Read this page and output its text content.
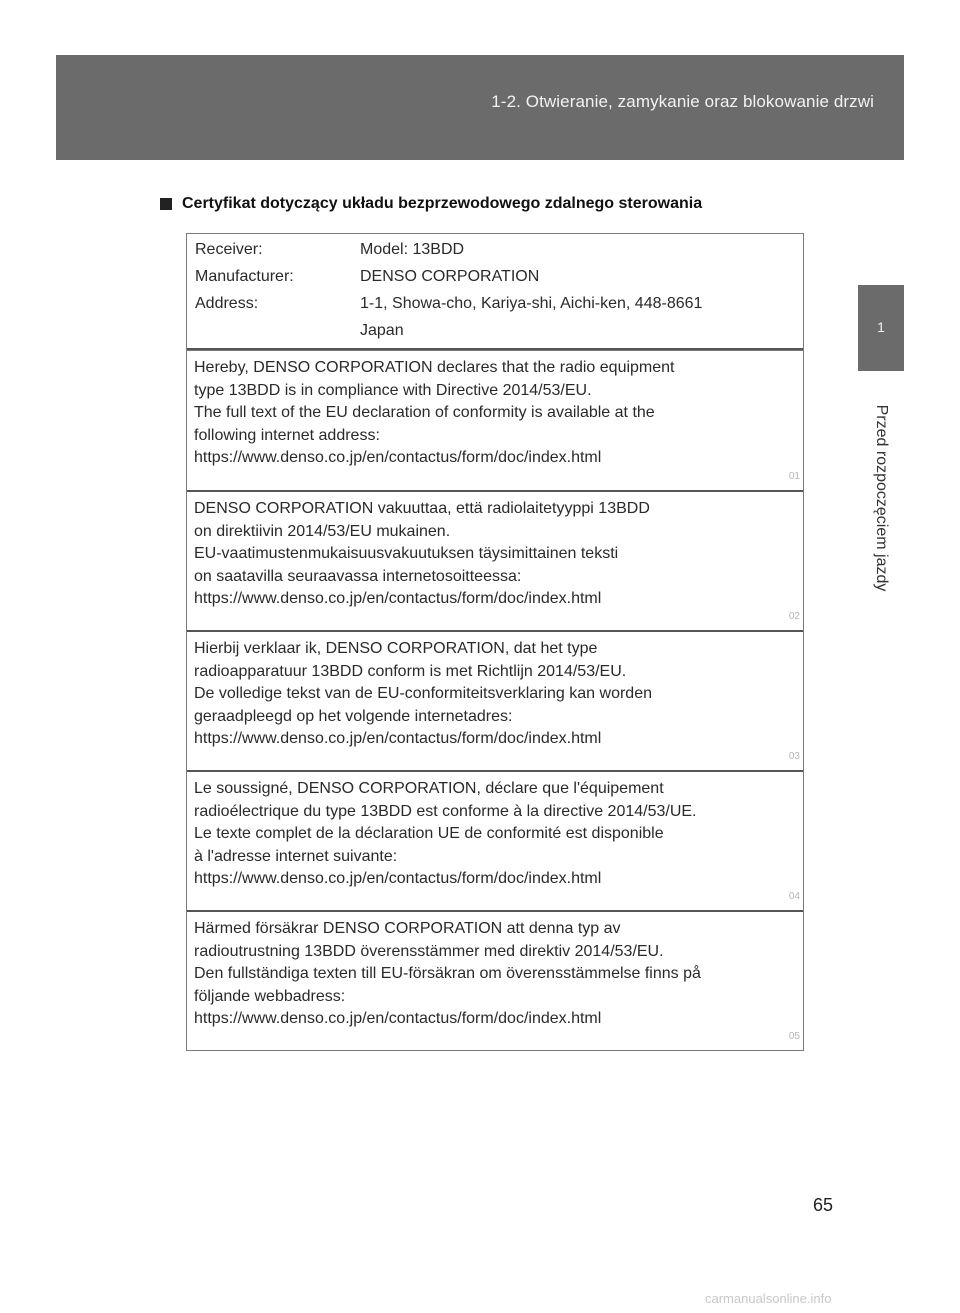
1-2. Otwieranie, zamykanie oraz blokowanie drzwi
1
Przed rozpoczęciem jazdy
Certyfikat dotyczący układu bezprzewodowego zdalnego sterowania
Receiver:	Model: 13BDD
Manufacturer:	DENSO CORPORATION
Address:	1-1, Showa-cho, Kariya-shi, Aichi-ken, 448-8661
Japan

Hereby, DENSO CORPORATION declares that the radio equipment

type 13BDD is in compliance with Directive 2014/53/EU.

The full text of the EU declaration of conformity is available at the

following internet address:

https://www.denso.co.jp/en/contactus/form/doc/index.html

01

DENSO CORPORATION vakuuttaa, että radiolaitetyyppi 13BDD

on direktiivin 2014/53/EU mukainen.

EU-vaatimustenmukaisuusvakuutuksen täysimittainen teksti

on saatavilla seuraavassa internetosoitteessa:

https://www.denso.co.jp/en/contactus/form/doc/index.html

02

Hierbij verklaar ik, DENSO CORPORATION, dat het type

radioapparatuur 13BDD conform is met Richtlijn 2014/53/EU.

De volledige tekst van de EU-conformiteitsverklaring kan worden

geraadpleegd op het volgende internetadres:

https://www.denso.co.jp/en/contactus/form/doc/index.html

03

Le soussigné, DENSO CORPORATION, déclare que l'équipement

radioélectrique du type 13BDD est conforme à la directive 2014/53/UE.

Le texte complet de la déclaration UE de conformité est disponible

à l'adresse internet suivante:

https://www.denso.co.jp/en/contactus/form/doc/index.html

04

Härmed försäkrar DENSO CORPORATION att denna typ av

radioutrustning 13BDD överensstämmer med direktiv 2014/53/EU.

Den fullständiga texten till EU-försäkran om överensstämmelse finns på

följande webbadress:

https://www.denso.co.jp/en/contactus/form/doc/index.html

05
65
carmanualsonline.info
